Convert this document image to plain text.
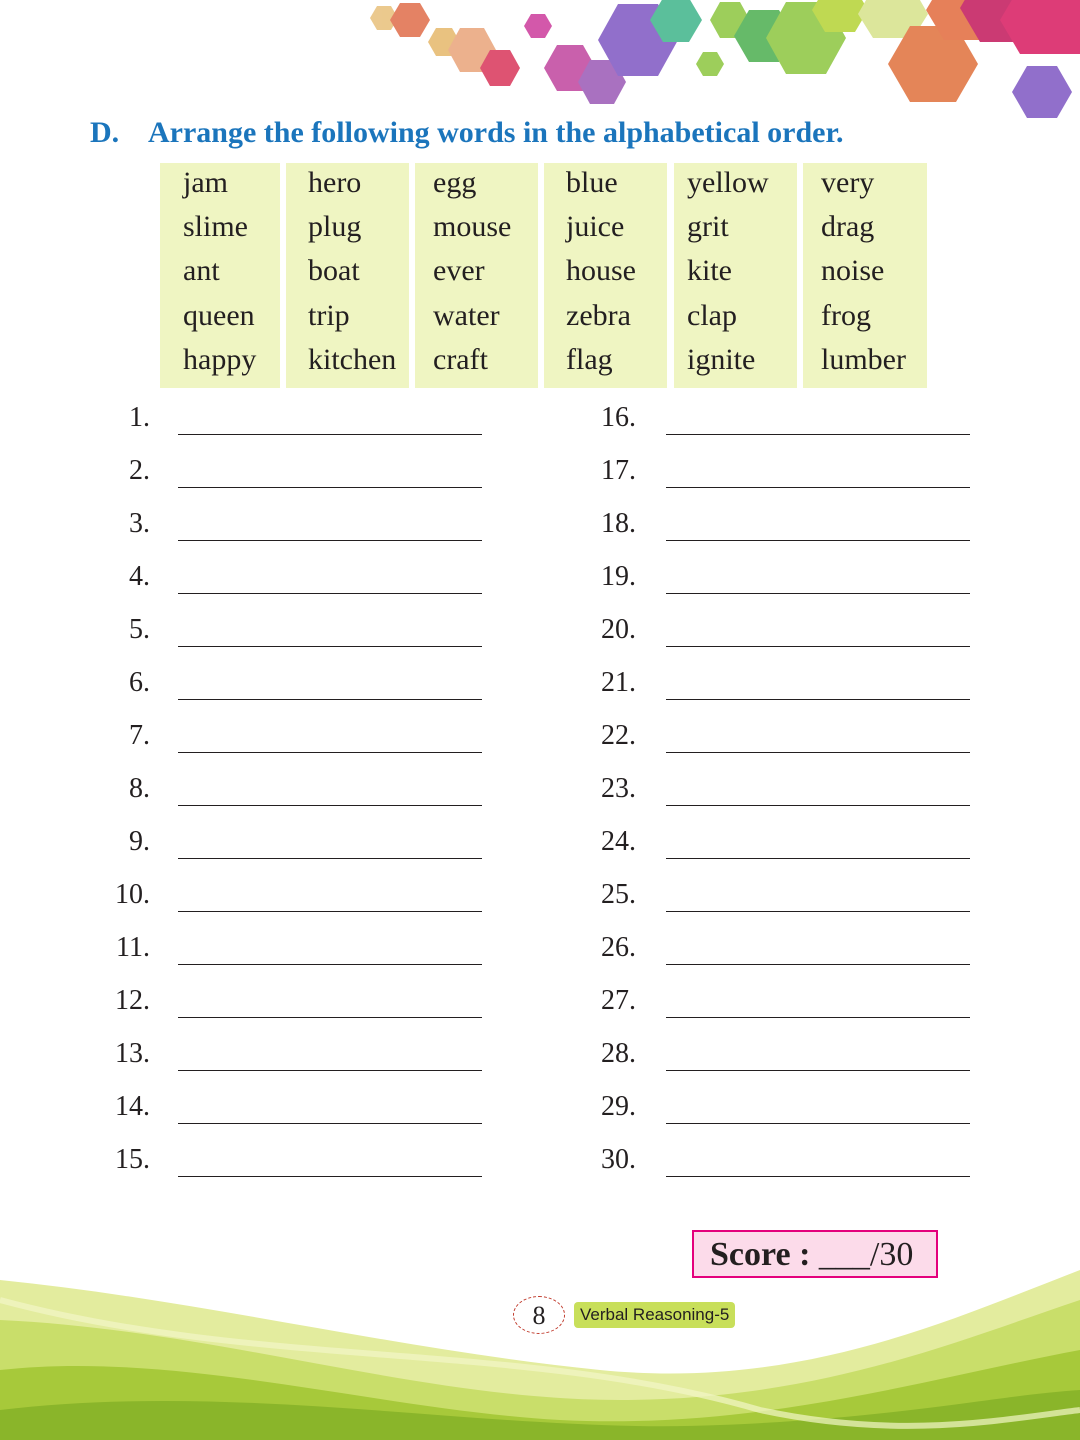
D. Arrange the following words in the alphabetical order.
jam
slime
ant
queen
happy
hero
plug
boat
trip
kitchen
egg
mouse
ever
water
craft
blue
juice
house
zebra
flag
yellow
grit
kite
clap
ignite
very
drag
noise
frog
lumber
1.
2.
3.
4.
5.
6.
7.
8.
9.
10.
11.
12.
13.
14.
15.
16.
17.
18.
19.
20.
21.
22.
23.
24.
25.
26.
27.
28.
29.
30.
Score : ___/30
8	Verbal Reasoning-5
